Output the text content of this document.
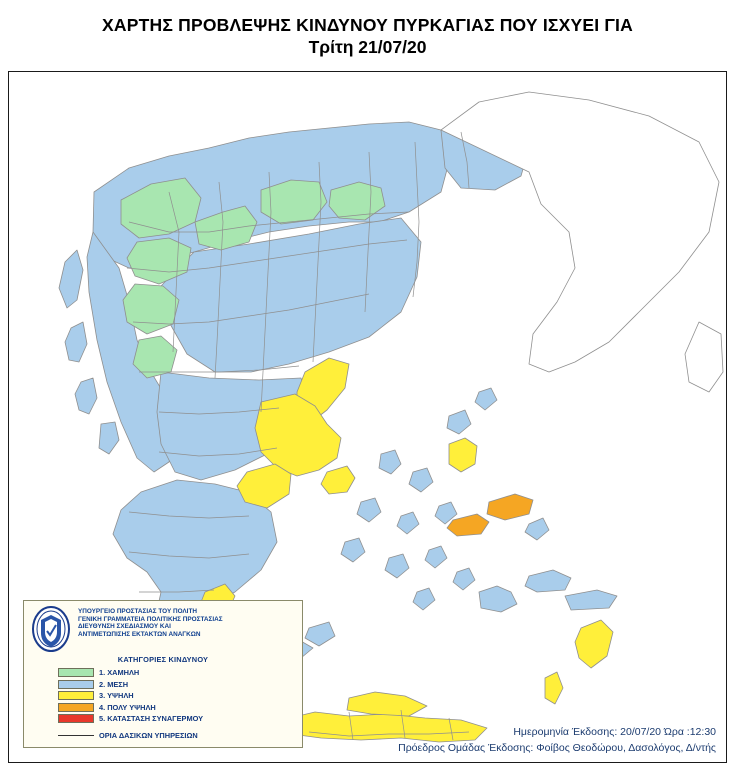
ΧΑΡΤΗΣ ΠΡΟΒΛΕΨΗΣ ΚΙΝΔΥΝΟΥ ΠΥΡΚΑΓΙΑΣ ΠΟΥ ΙΣΧΥΕΙ ΓΙΑ
Τρίτη 21/07/20
ΥΠΟΥΡΓΕΙΟ ΠΡΟΣΤΑΣΙΑΣ ΤΟΥ ΠΟΛΙΤΗ
ΓΕΝΙΚΗ ΓΡΑΜΜΑΤΕΙΑ ΠΟΛΙΤΙΚΗΣ ΠΡΟΣΤΑΣΙΑΣ
ΔΙΕΥΘΥΝΣΗ ΣΧΕΔΙΑΣΜΟΥ ΚΑΙ
ΑΝΤΙΜΕΤΩΠΙΣΗΣ ΕΚΤΑΚΤΩΝ ΑΝΑΓΚΩΝ
ΚΑΤΗΓΟΡΙΕΣ ΚΙΝΔΥΝΟΥ
1. ΧΑΜΗΛΗ
2. ΜΕΣΗ
3. ΥΨΗΛΗ
4. ΠΟΛΥ ΥΨΗΛΗ
5. ΚΑΤΑΣΤΑΣΗ ΣΥΝΑΓΕΡΜΟΥ
ΟΡΙΑ ΔΑΣΙΚΩΝ ΥΠΗΡΕΣΙΩΝ	Ημερομηνία Έκδοσης: 20/07/20 Ώρα :12:30
Πρόεδρος Ομάδας Έκδοσης: Φοίβος Θεοδώρου, Δασολόγος, Δ/ντής
